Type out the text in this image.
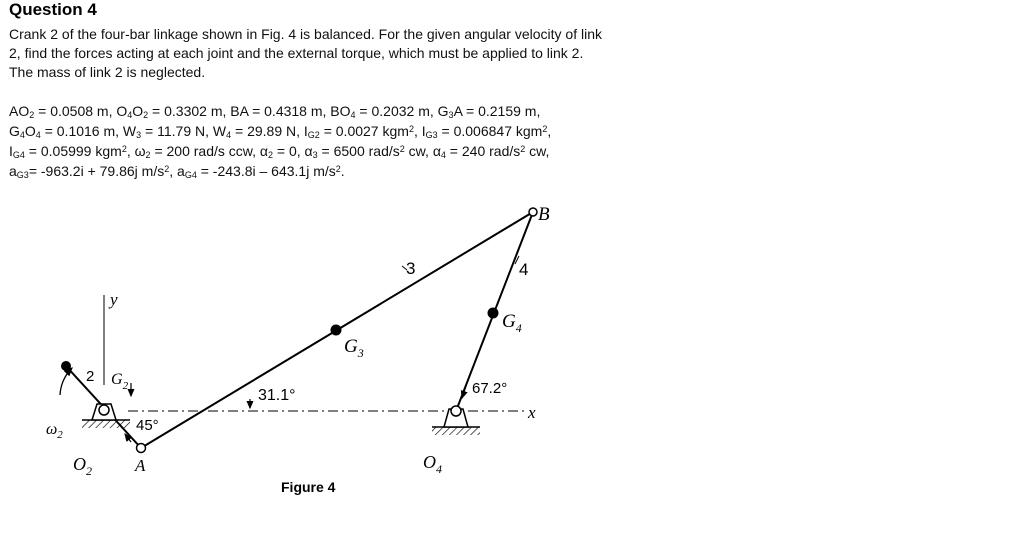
Question 4

Crank 2 of the four-bar linkage shown in Fig. 4 is balanced. For the given angular velocity of link 2, find the forces acting at each joint and the external torque, which must be applied to link 2. The mass of link 2 is neglected.

$AO_2 = 0.0508$ m, $O_4O_2 = 0.3302$ m, BA = 0.4318 m, $BO_4 = 0.2032$ m, $G_3A = 0.2159$ m, $G_4O_4 = 0.1016$ m, $W_3 = 11.79$ N, $W_4 = 29.89$ N, $I_{G2} = 0.0027$ kgm$^2$, $I_{G3} = 0.006847$ kgm$^2$, $I_{G4} = 0.05999$ kgm$^2$, $\omega_2 = 200$ rad/s ccw, $\alpha_2 = 0$, $\alpha_3 = 6500$ rad/$s^2$ cw, $\alpha_4 = 240$ rad/$s^2$ cw, $a_{G3}= -963.2i + 79.86j$ $m/s^2$, $a_{G4} = -243.8i - 643.1j$ $m/s^2$.

B
3	4
2
$G_3$
$G_4$
$G_2$
y
x
$\omega_2$
$O_2$	$O_4$
A
45°
31.1°	67.2°
Figure 4
